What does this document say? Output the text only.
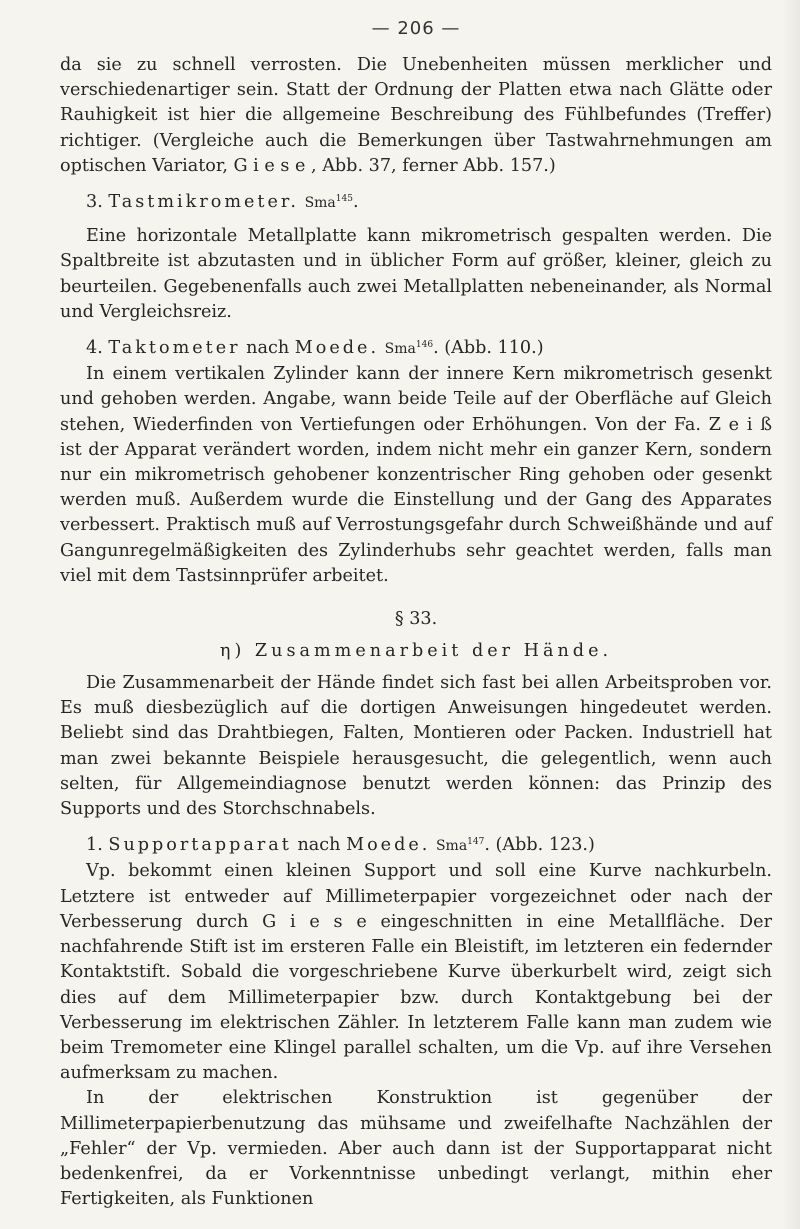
— 206 —

da sie zu schnell verrosten. Die Unebenheiten müssen merklicher und verschiedenartiger sein. Statt der Ordnung der Platten etwa nach Glätte oder Rauhigkeit ist hier die allgemeine Beschreibung des Fühlbefundes (Treffer) richtiger. (Vergleiche auch die Bemerkungen über Tastwahrnehmungen am optischen Variator, G i e s e , Abb. 37, ferner Abb. 157.)

3. Tastmikrometer. Sma$^{145}$.

Eine horizontale Metallplatte kann mikrometrisch gespalten werden. Die Spaltbreite ist abzutasten und in üblicher Form auf größer, kleiner, gleich zu beurteilen. Gegebenenfalls auch zwei Metallplatten nebeneinander, als Normal und Vergleichsreiz.

4. Taktometer nach Moede. Sma$^{146}$. (Abb. 110.)

In einem vertikalen Zylinder kann der innere Kern mikrometrisch gesenkt und gehoben werden. Angabe, wann beide Teile auf der Oberfläche auf Gleich stehen, Wiederfinden von Vertiefungen oder Erhöhungen. Von der Fa. Z e i ß ist der Apparat verändert worden, indem nicht mehr ein ganzer Kern, sondern nur ein mikrometrisch gehobener konzentrischer Ring gehoben oder gesenkt werden muß. Außerdem wurde die Einstellung und der Gang des Apparates verbessert. Praktisch muß auf Verrostungsgefahr durch Schweißhände und auf Gangunregelmäßigkeiten des Zylinderhubs sehr geachtet werden, falls man viel mit dem Tastsinnprüfer arbeitet.

§ 33.
η) Zusammenarbeit der Hände.

Die Zusammenarbeit der Hände findet sich fast bei allen Arbeitsproben vor. Es muß diesbezüglich auf die dortigen Anweisungen hingedeutet werden. Beliebt sind das Drahtbiegen, Falten, Montieren oder Packen. Industriell hat man zwei bekannte Beispiele herausgesucht, die gelegentlich, wenn auch selten, für Allgemeindiagnose benutzt werden können: das Prinzip des Supports und des Storchschnabels.

1. Supportapparat nach Moede. Sma$^{147}$. (Abb. 123.)

Vp. bekommt einen kleinen Support und soll eine Kurve nachkurbeln. Letztere ist entweder auf Millimeterpapier vorgezeichnet oder nach der Verbesserung durch G i e s e eingeschnitten in eine Metallfläche. Der nachfahrende Stift ist im ersteren Falle ein Bleistift, im letzteren ein federnder Kontaktstift. Sobald die vorgeschriebene Kurve überkurbelt wird, zeigt sich dies auf dem Millimeterpapier bzw. durch Kontaktgebung bei der Verbesserung im elektrischen Zähler. In letzterem Falle kann man zudem wie beim Tremometer eine Klingel parallel schalten, um die Vp. auf ihre Versehen aufmerksam zu machen.

In der elektrischen Konstruktion ist gegenüber der Millimeterpapierbenutzung das mühsame und zweifelhafte Nachzählen der „Fehler“ der Vp. vermieden. Aber auch dann ist der Supportapparat nicht bedenkenfrei, da er Vorkenntnisse unbedingt verlangt, mithin eher Fertigkeiten, als Funktionen
